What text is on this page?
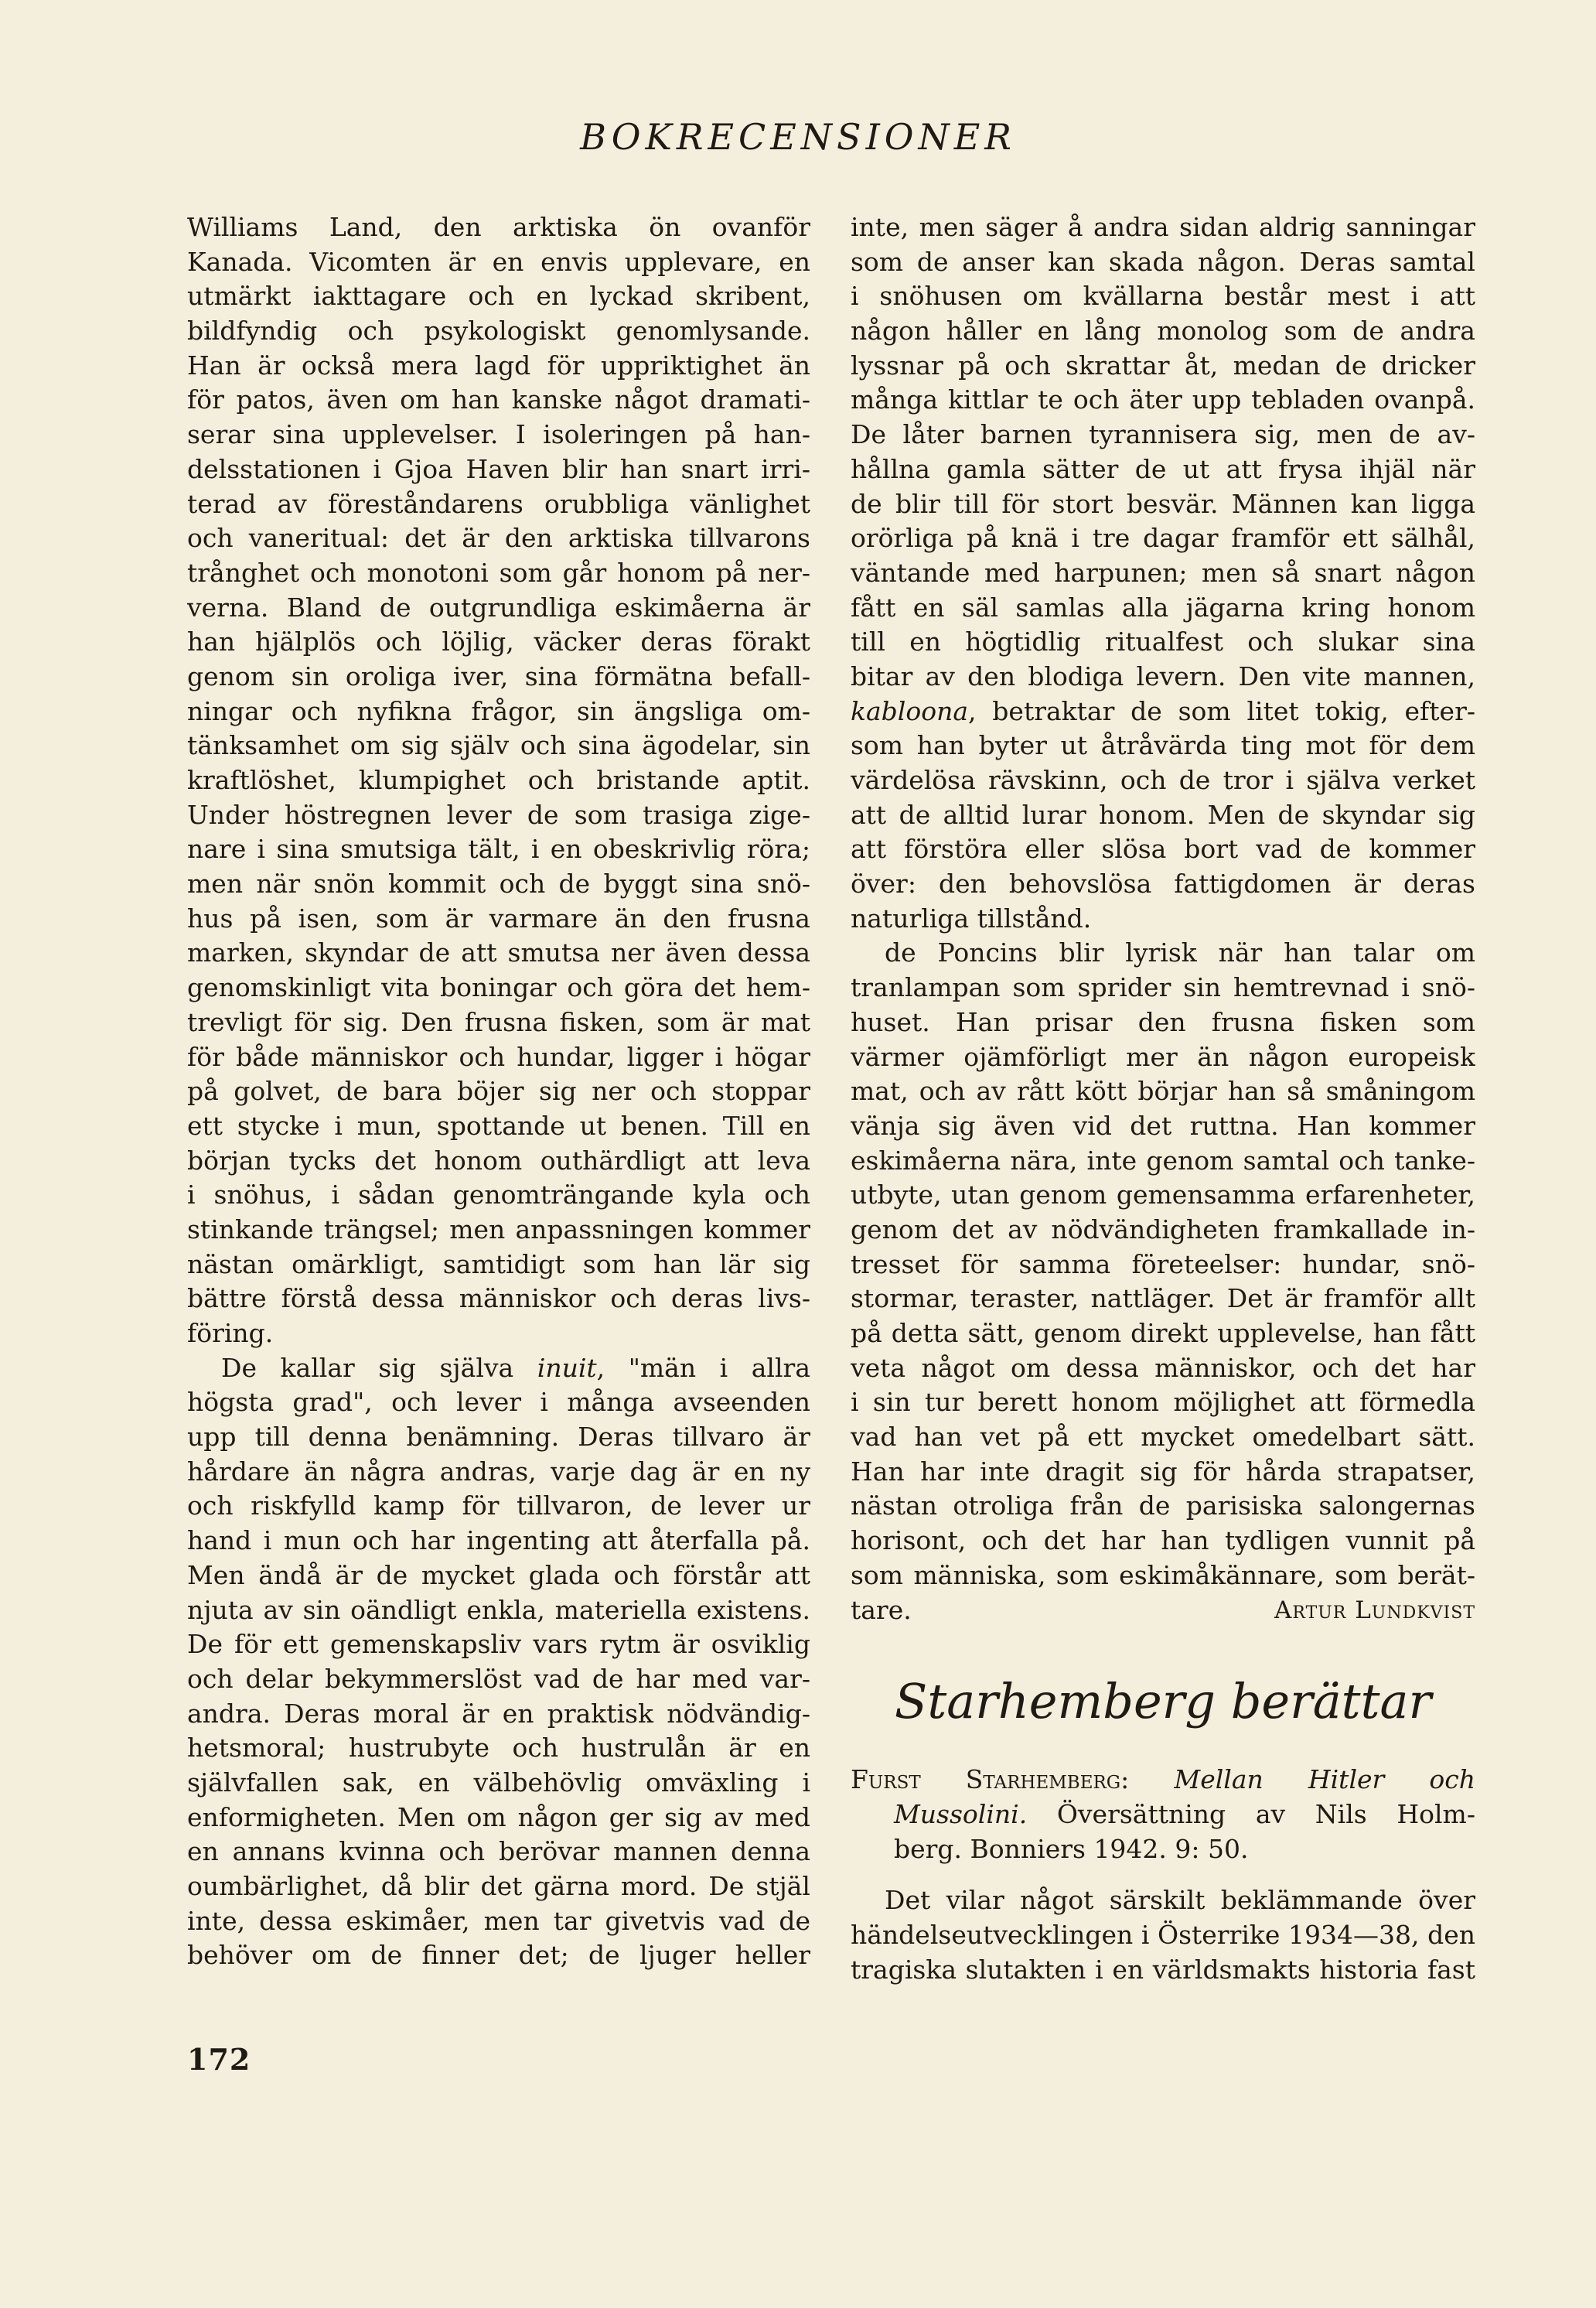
BOKRECENSIONER
Williams Land, den arktiska ön ovanför
Kanada. Vicomten är en envis upplevare, en
utmärkt iakttagare och en lyckad skribent,
bildfyndig och psykologiskt genomlysande.
Han är också mera lagd för uppriktighet än
för patos, även om han kanske något dramati-
serar sina upplevelser. I isoleringen på han-
delsstationen i Gjoa Haven blir han snart irri-
terad av föreståndarens orubbliga vänlighet
och vaneritual: det är den arktiska tillvarons
trånghet och monotoni som går honom på ner-
verna. Bland de outgrundliga eskimåerna är
han hjälplös och löjlig, väcker deras förakt
genom sin oroliga iver, sina förmätna befall-
ningar och nyfikna frågor, sin ängsliga om-
tänksamhet om sig själv och sina ägodelar, sin
kraftlöshet, klumpighet och bristande aptit.
Under höstregnen lever de som trasiga zige-
nare i sina smutsiga tält, i en obeskrivlig röra;
men när snön kommit och de byggt sina snö-
hus på isen, som är varmare än den frusna
marken, skyndar de att smutsa ner även dessa
genomskinligt vita boningar och göra det hem-
trevligt för sig. Den frusna fisken, som är mat
för både människor och hundar, ligger i högar
på golvet, de bara böjer sig ner och stoppar
ett stycke i mun, spottande ut benen. Till en
början tycks det honom outhärdligt att leva
i snöhus, i sådan genomträngande kyla och
stinkande trängsel; men anpassningen kommer
nästan omärkligt, samtidigt som han lär sig
bättre förstå dessa människor och deras livs-
föring.
De kallar sig själva inuit, "män i allra
högsta grad", och lever i många avseenden
upp till denna benämning. Deras tillvaro är
hårdare än några andras, varje dag är en ny
och riskfylld kamp för tillvaron, de lever ur
hand i mun och har ingenting att återfalla på.
Men ändå är de mycket glada och förstår att
njuta av sin oändligt enkla, materiella existens.
De för ett gemenskapsliv vars rytm är osviklig
och delar bekymmerslöst vad de har med var-
andra. Deras moral är en praktisk nödvändig-
hetsmoral; hustrubyte och hustrulån är en
självfallen sak, en välbehövlig omväxling i
enformigheten. Men om någon ger sig av med
en annans kvinna och berövar mannen denna
oumbärlighet, då blir det gärna mord. De stjäl
inte, dessa eskimåer, men tar givetvis vad de
behöver om de finner det; de ljuger heller
inte, men säger å andra sidan aldrig sanningar
som de anser kan skada någon. Deras samtal
i snöhusen om kvällarna består mest i att
någon håller en lång monolog som de andra
lyssnar på och skrattar åt, medan de dricker
många kittlar te och äter upp tebladen ovanpå.
De låter barnen tyrannisera sig, men de av-
hållna gamla sätter de ut att frysa ihjäl när
de blir till för stort besvär. Männen kan ligga
orörliga på knä i tre dagar framför ett sälhål,
väntande med harpunen; men så snart någon
fått en säl samlas alla jägarna kring honom
till en högtidlig ritualfest och slukar sina
bitar av den blodiga levern. Den vite mannen,
kabloona, betraktar de som litet tokig, efter-
som han byter ut åtråvärda ting mot för dem
värdelösa rävskinn, och de tror i själva verket
att de alltid lurar honom. Men de skyndar sig
att förstöra eller slösa bort vad de kommer
över: den behovslösa fattigdomen är deras
naturliga tillstånd.
de Poncins blir lyrisk när han talar om
tranlampan som sprider sin hemtrevnad i snö-
huset. Han prisar den frusna fisken som
värmer ojämförligt mer än någon europeisk
mat, och av rått kött börjar han så småningom
vänja sig även vid det ruttna. Han kommer
eskimåerna nära, inte genom samtal och tanke-
utbyte, utan genom gemensamma erfarenheter,
genom det av nödvändigheten framkallade in-
tresset för samma företeelser: hundar, snö-
stormar, teraster, nattläger. Det är framför allt
på detta sätt, genom direkt upplevelse, han fått
veta något om dessa människor, och det har
i sin tur berett honom möjlighet att förmedla
vad han vet på ett mycket omedelbart sätt.
Han har inte dragit sig för hårda strapatser,
nästan otroliga från de parisiska salongernas
horisont, och det har han tydligen vunnit på
som människa, som eskimåkännare, som berät-
tare.	Artur Lundkvist
Starhemberg berättar
Furst Starhemberg: Mellan Hitler och
Mussolini. Översättning av Nils Holm-
berg. Bonniers 1942. 9: 50.
Det vilar något särskilt beklämmande över
händelseutvecklingen i Österrike 1934—38, den
tragiska slutakten i en världsmakts historia fast
172
